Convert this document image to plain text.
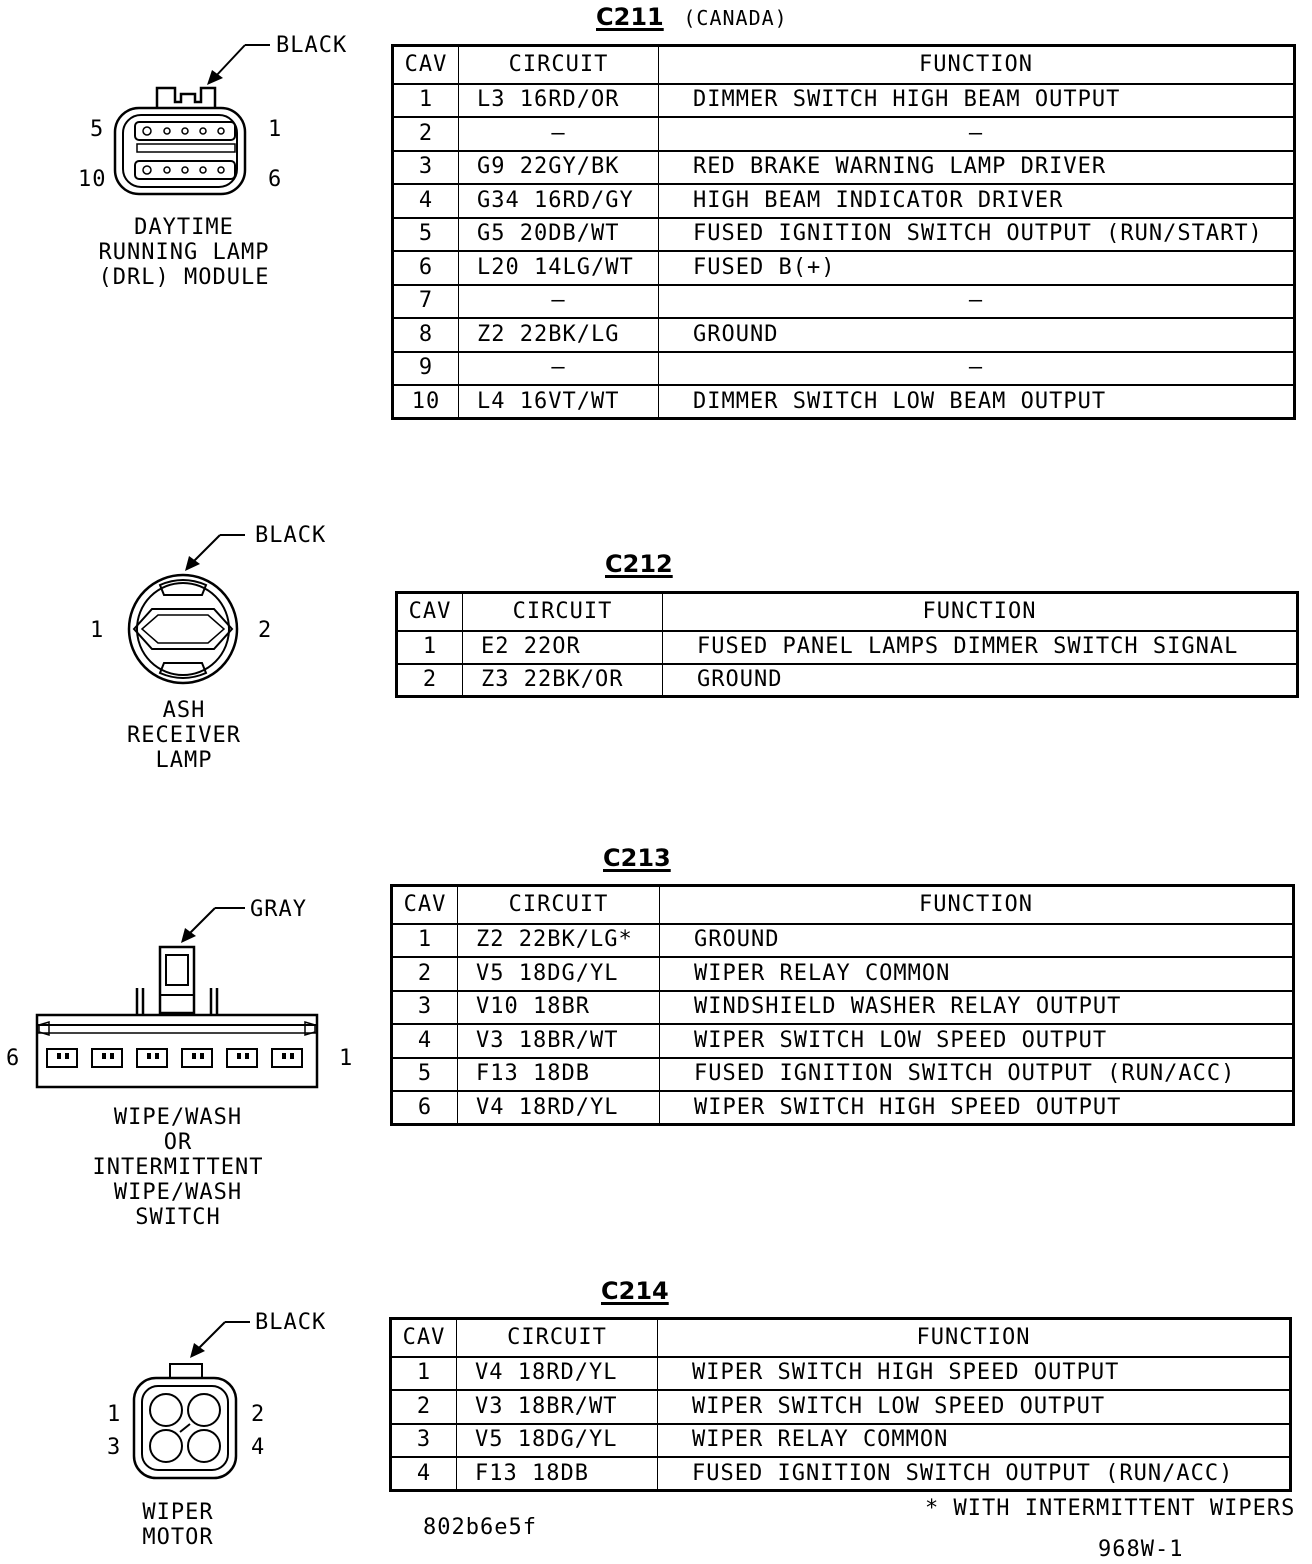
C211 (CANADA)
BLACK
5	1
10	6
DAYTIME
RUNNING LAMP
(DRL) MODULE
CAV	CIRCUIT	FUNCTION
1	L3 16RD/OR	DIMMER SWITCH HIGH BEAM OUTPUT
2	–	–
3	G9 22GY/BK	RED BRAKE WARNING LAMP DRIVER
4	G34 16RD/GY	HIGH BEAM INDICATOR DRIVER
5	G5 20DB/WT	FUSED IGNITION SWITCH OUTPUT (RUN/START)
6	L20 14LG/WT	FUSED B(+)
7	–	–
8	Z2 22BK/LG	GROUND
9	–	–
10	L4 16VT/WT	DIMMER SWITCH LOW BEAM OUTPUT
C212
BLACK
1	2
ASH
RECEIVER
LAMP
CAV	CIRCUIT	FUNCTION
1	E2 22OR	FUSED PANEL LAMPS DIMMER SWITCH SIGNAL
2	Z3 22BK/OR	GROUND
C213
GRAY
6	1
WIPE/WASH
OR
INTERMITTENT
WIPE/WASH
SWITCH
CAV	CIRCUIT	FUNCTION
1	Z2 22BK/LG*	GROUND
2	V5 18DG/YL	WIPER RELAY COMMON
3	V10 18BR	WINDSHIELD WASHER RELAY OUTPUT
4	V3 18BR/WT	WIPER SWITCH LOW SPEED OUTPUT
5	F13 18DB	FUSED IGNITION SWITCH OUTPUT (RUN/ACC)
6	V4 18RD/YL	WIPER SWITCH HIGH SPEED OUTPUT
C214
BLACK
1	2
3	4
WIPER
MOTOR
CAV	CIRCUIT	FUNCTION
1	V4 18RD/YL	WIPER SWITCH HIGH SPEED OUTPUT
2	V3 18BR/WT	WIPER SWITCH LOW SPEED OUTPUT
3	V5 18DG/YL	WIPER RELAY COMMON
4	F13 18DB	FUSED IGNITION SWITCH OUTPUT (RUN/ACC)
* WITH INTERMITTENT WIPERS
802b6e5f
968W-1
